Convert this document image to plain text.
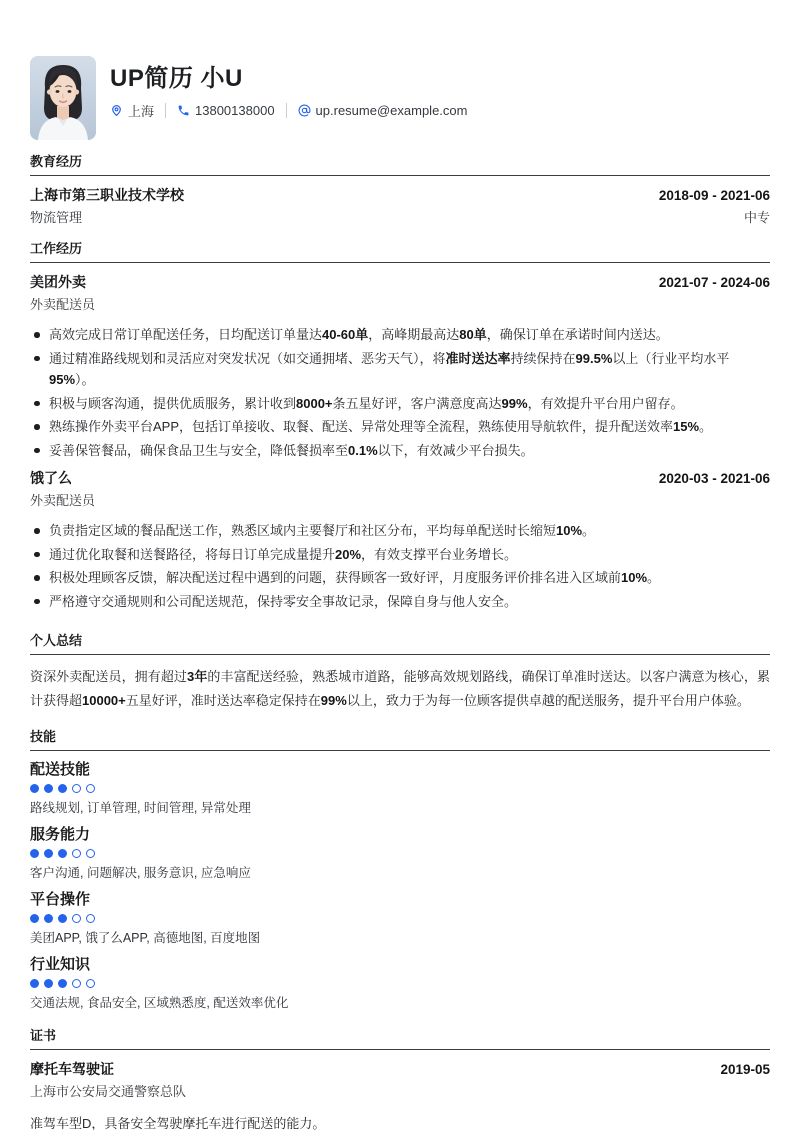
UP简历 小U
上海	13800138000	up.resume@example.com
教育经历
上海市第三职业技术学校	2018-09 - 2021-06
物流管理	中专
工作经历
美团外卖	2021-07 - 2024-06
外卖配送员
高效完成日常订单配送任务，日均配送订单量达40-60单，高峰期最高达80单，确保订单在承诺时间内送达。
通过精准路线规划和灵活应对突发状况（如交通拥堵、恶劣天气），将准时送达率持续保持在99.5%以上（行业平均水平95%）。
积极与顾客沟通，提供优质服务，累计收到8000+条五星好评，客户满意度高达99%，有效提升平台用户留存。
熟练操作外卖平台APP，包括订单接收、取餐、配送、异常处理等全流程，熟练使用导航软件，提升配送效率15%。
妥善保管餐品，确保食品卫生与安全，降低餐损率至0.1%以下，有效减少平台损失。
饿了么	2020-03 - 2021-06
外卖配送员
负责指定区域的餐品配送工作，熟悉区域内主要餐厅和社区分布，平均每单配送时长缩短10%。
通过优化取餐和送餐路径，将每日订单完成量提升20%，有效支撑平台业务增长。
积极处理顾客反馈，解决配送过程中遇到的问题，获得顾客一致好评，月度服务评价排名进入区域前10%。
严格遵守交通规则和公司配送规范，保持零安全事故记录，保障自身与他人安全。
个人总结

资深外卖配送员，拥有超过3年的丰富配送经验，熟悉城市道路，能够高效规划路线，确保订单准时送达。以客户满意为核心，累计获得超10000+五星好评，准时送达率稳定保持在99%以上，致力于为每一位顾客提供卓越的配送服务，提升平台用户体验。

技能
配送技能
路线规划, 订单管理, 时间管理, 异常处理
服务能力
客户沟通, 问题解决, 服务意识, 应急响应
平台操作
美团APP, 饿了么APP, 高德地图, 百度地图
行业知识
交通法规, 食品安全, 区域熟悉度, 配送效率优化
证书
摩托车驾驶证	2019-05
上海市公安局交通警察总队
准驾车型D，具备安全驾驶摩托车进行配送的能力。
